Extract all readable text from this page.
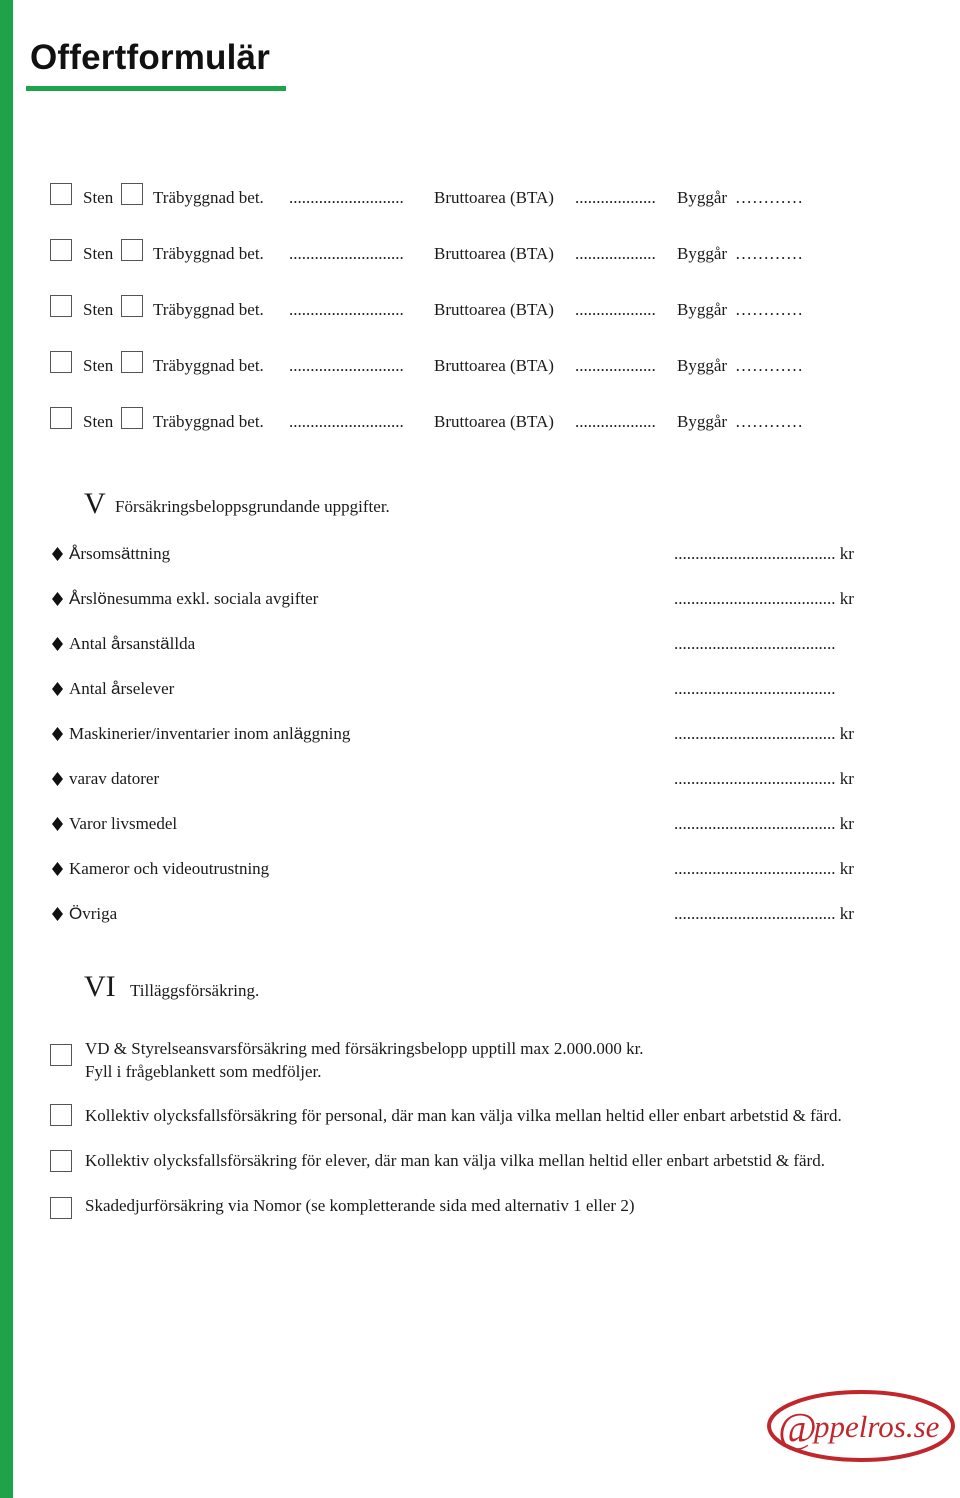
Offertformulär
Sten Träbyggnad bet. ........................... Bruttoarea (BTA) ................... Byggår …………
Sten Träbyggnad bet. ........................... Bruttoarea (BTA) ................... Byggår …………
Sten Träbyggnad bet. ........................... Bruttoarea (BTA) ................... Byggår …………
Sten Träbyggnad bet. ........................... Bruttoarea (BTA) ................... Byggår …………
Sten Träbyggnad bet. ........................... Bruttoarea (BTA) ................... Byggår …………
V Försäkringsbeloppsgrundande uppgifter.
Årsomsättning	...................................... kr
Årslönesumma exkl. sociala avgifter	...................................... kr
Antal årsanställda	......................................
Antal årselever	......................................
Maskinerier/inventarier inom anläggning	...................................... kr
varav datorer	...................................... kr
Varor livsmedel	...................................... kr
Kameror och videoutrustning	...................................... kr
Övriga	...................................... kr
VI Tilläggsförsäkring.
VD & Styrelseansvarsförsäkring med försäkringsbelopp upptill max 2.000.000 kr.
Fyll i frågeblankett som medföljer.
Kollektiv olycksfallsförsäkring för personal, där man kan välja vilka mellan heltid eller enbart arbetstid & färd.
Kollektiv olycksfallsförsäkring för elever, där man kan välja vilka mellan heltid eller enbart arbetstid & färd.
Skadedjurförsäkring via Nomor (se kompletterande sida med alternativ 1 eller 2)
@
ppelros.se
